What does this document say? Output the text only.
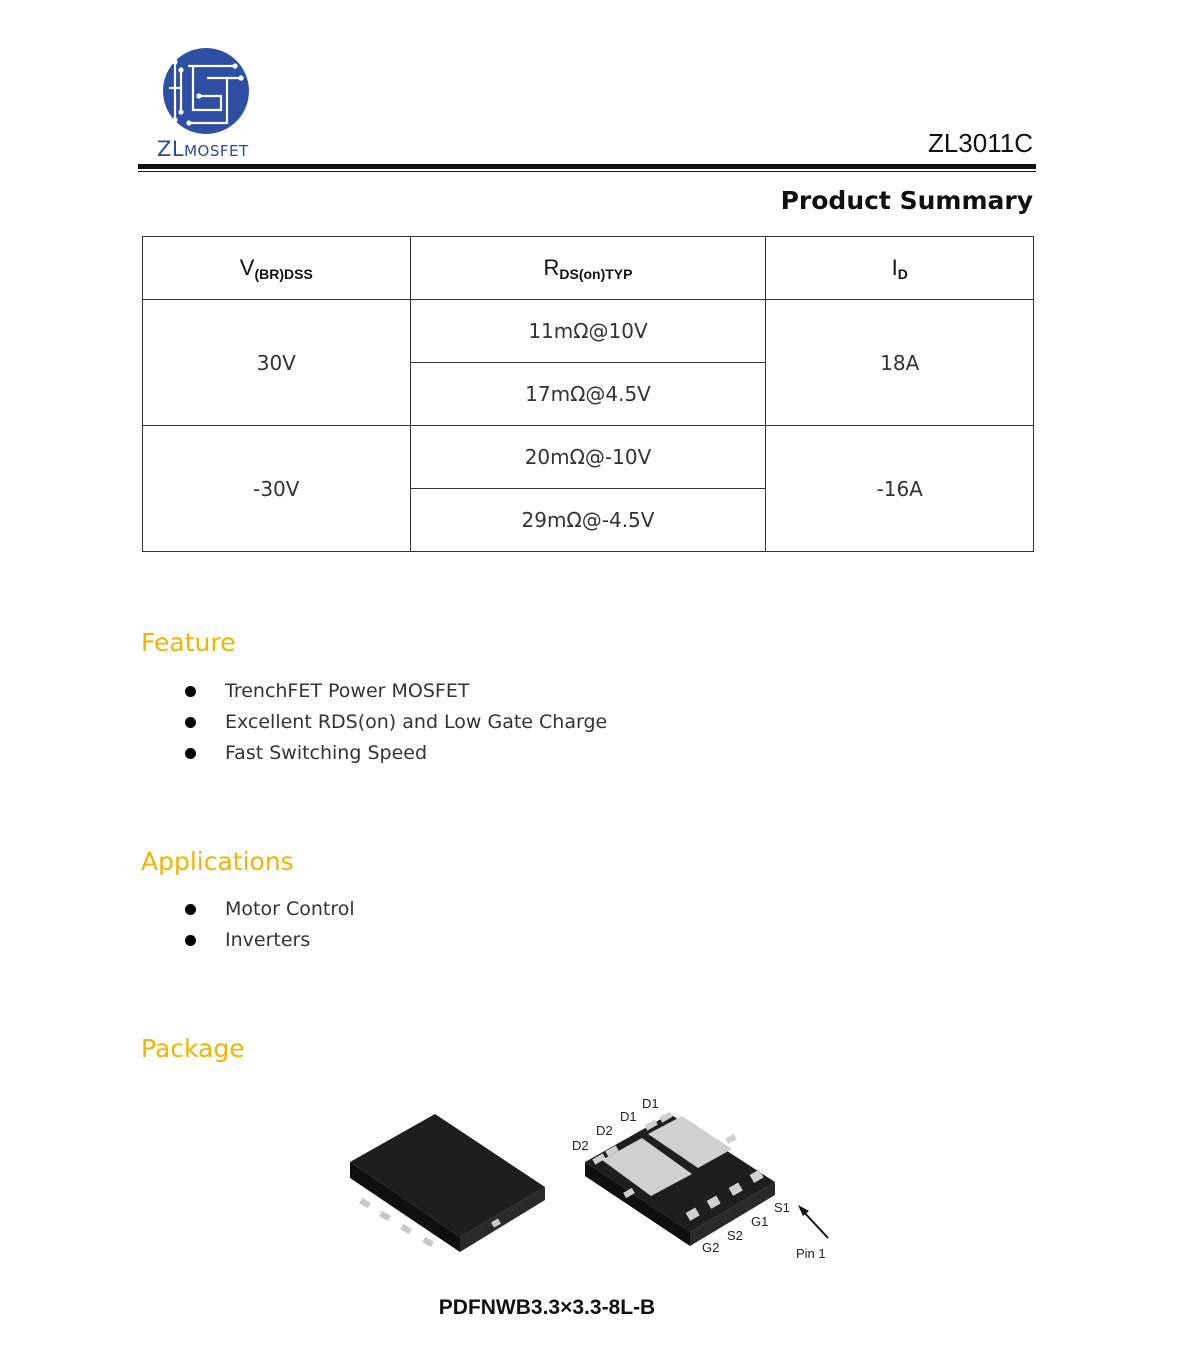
ZLMOSFET	ZL3011C
Product Summary
$V_{(BR)DSS}$	$R_{DS(on)TYP}$	$I_D$
30V	11mΩ@10V	18A
	17mΩ@4.5V	
-30V	20mΩ@-10V	-16A
	29mΩ@-4.5V	
Feature
TrenchFET Power MOSFET
Excellent RDS(on) and Low Gate Charge
Fast Switching Speed
Applications
Motor Control
Inverters
Package
D1
D1
D2
D2
S1
G1
S2
G2	Pin 1
PDFNWB3.3×3.3-8L-B
